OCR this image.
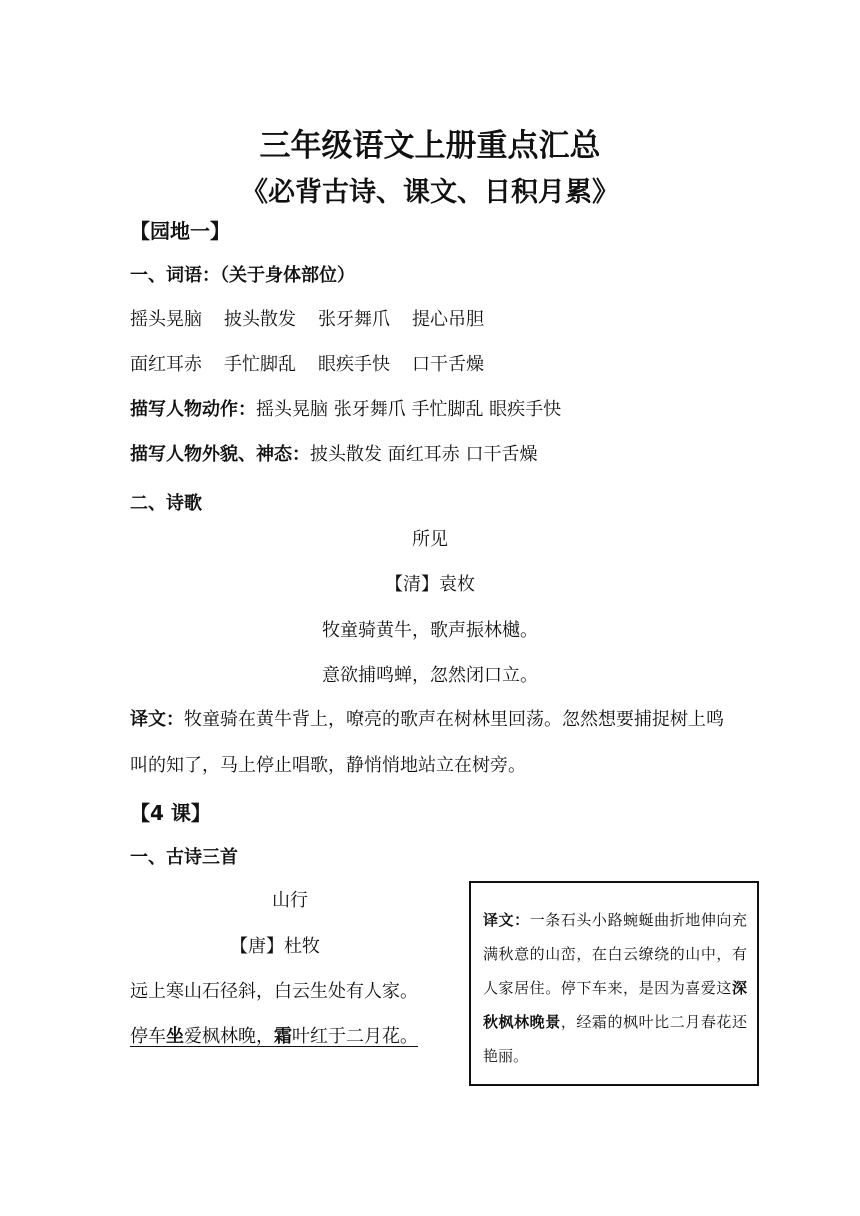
三年级语文上册重点汇总
《必背古诗、课文、日积月累》
【园地一】
一、词语：（关于身体部位）
摇头晃脑 披头散发 张牙舞爪 提心吊胆
面红耳赤 手忙脚乱 眼疾手快 口干舌燥
描写人物动作：摇头晃脑 张牙舞爪 手忙脚乱 眼疾手快
描写人物外貌、神态：披头散发 面红耳赤 口干舌燥
二、诗歌
所见
【清】袁枚
牧童骑黄牛，歌声振林樾。
意欲捕鸣蝉，忽然闭口立。
译文：牧童骑在黄牛背上，嘹亮的歌声在树林里回荡。忽然想要捕捉树上鸣叫的知了，马上停止唱歌，静悄悄地站立在树旁。
【4 课】
一、古诗三首
山行
【唐】杜牧
远上寒山石径斜，白云生处有人家。
停车坐爱枫林晚，霜叶红于二月花。
译文：一条石头小路蜿蜒曲折地伸向充满秋意的山峦，在白云缭绕的山中，有人家居住。停下车来，是因为喜爱这深秋枫林晚景，经霜的枫叶比二月春花还艳丽。
